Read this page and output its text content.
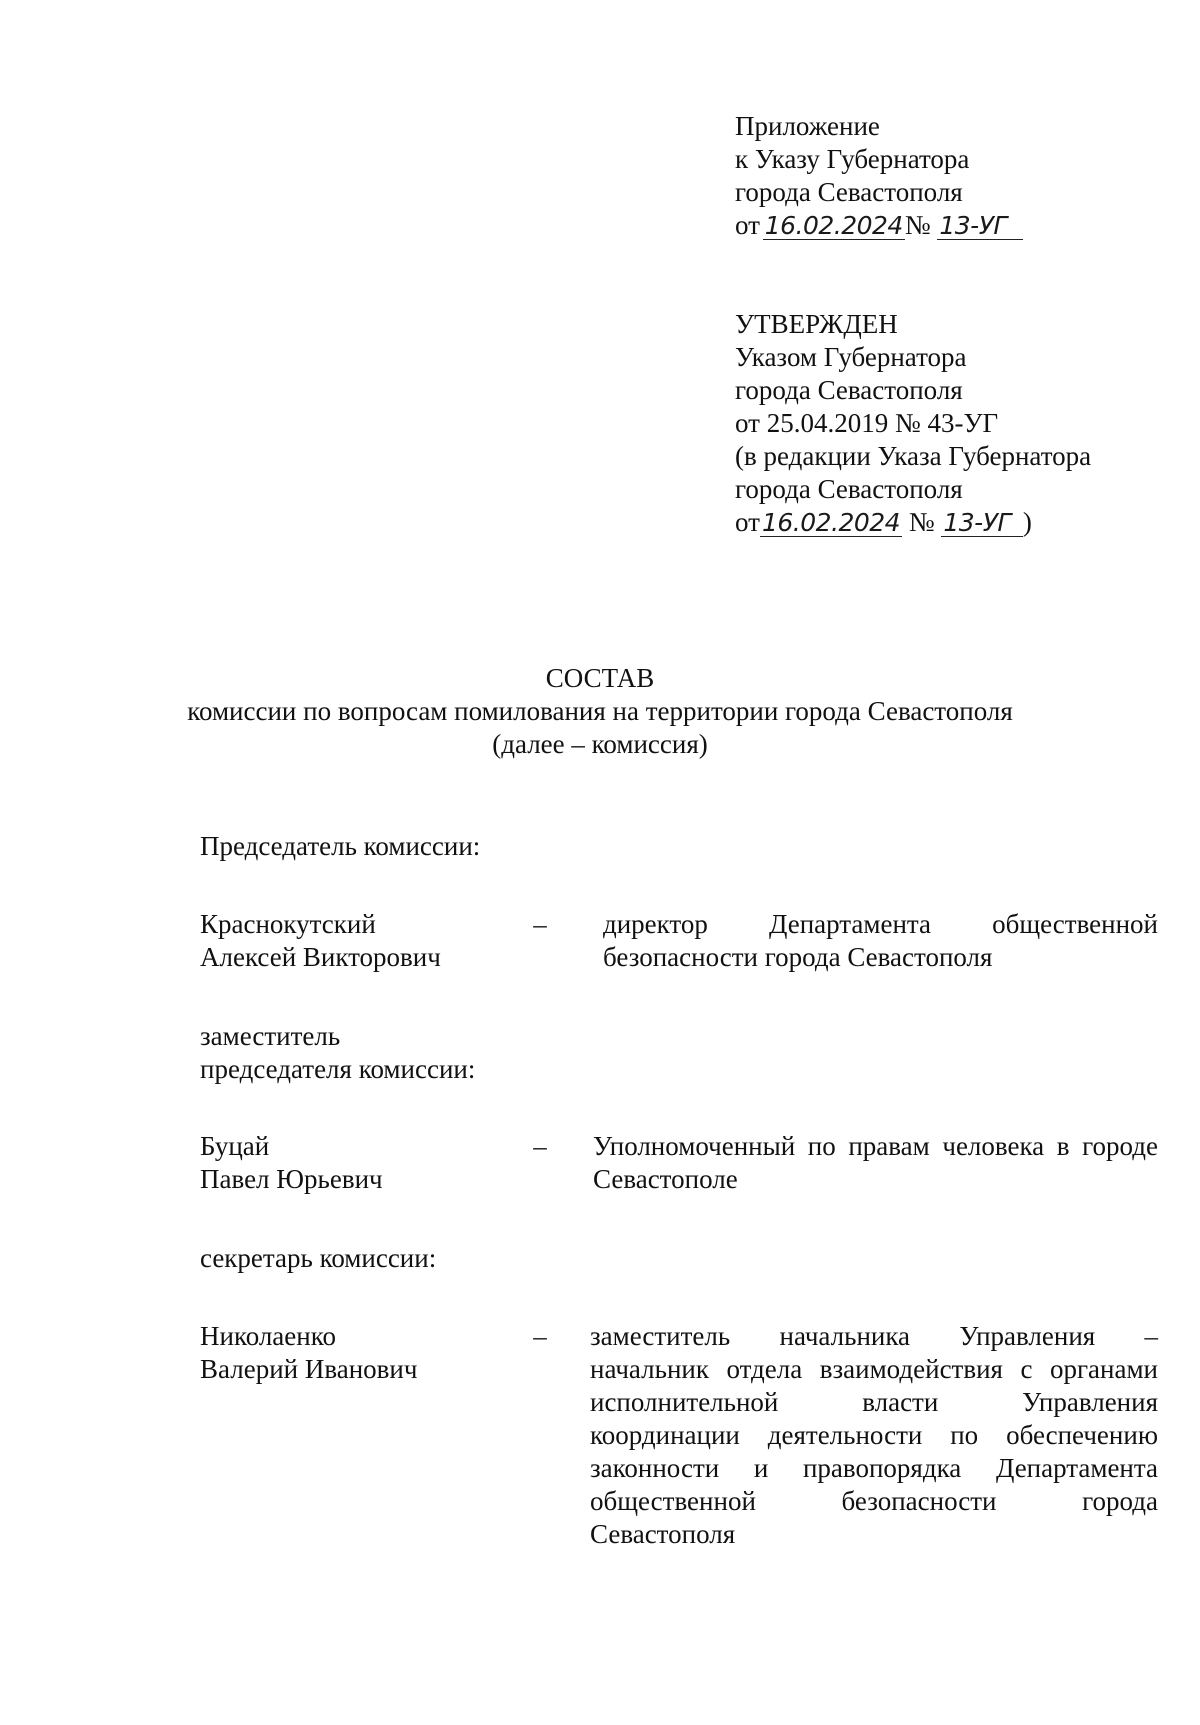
Приложение
к Указу Губернатора
города Севастополя
от 16.02.2024№ 13-УГ
УТВЕРЖДЕН
Указом Губернатора
города Севастополя
от 25.04.2019 № 43-УГ
(в редакции Указа Губернатора
города Севастополя
от16.02.2024 № 13-УГ )
СОСТАВ
комиссии по вопросам помилования на территории города Севастополя
(далее – комиссия)
Председатель комиссии:
Краснокутский
Алексей Викторович
– директор Департамента общественной
безопасности города Севастополя
заместитель
председателя комиссии:
Буцай
Павел Юрьевич
– Уполномоченный по правам человека в городе
Севастополе
секретарь комиссии:
Николаенко
Валерий Иванович
– заместитель начальника Управления –
начальник отдела взаимодействия с органами
исполнительной власти Управления
координации деятельности по обеспечению
законности и правопорядка Департамента
общественной безопасности города
Севастополя
